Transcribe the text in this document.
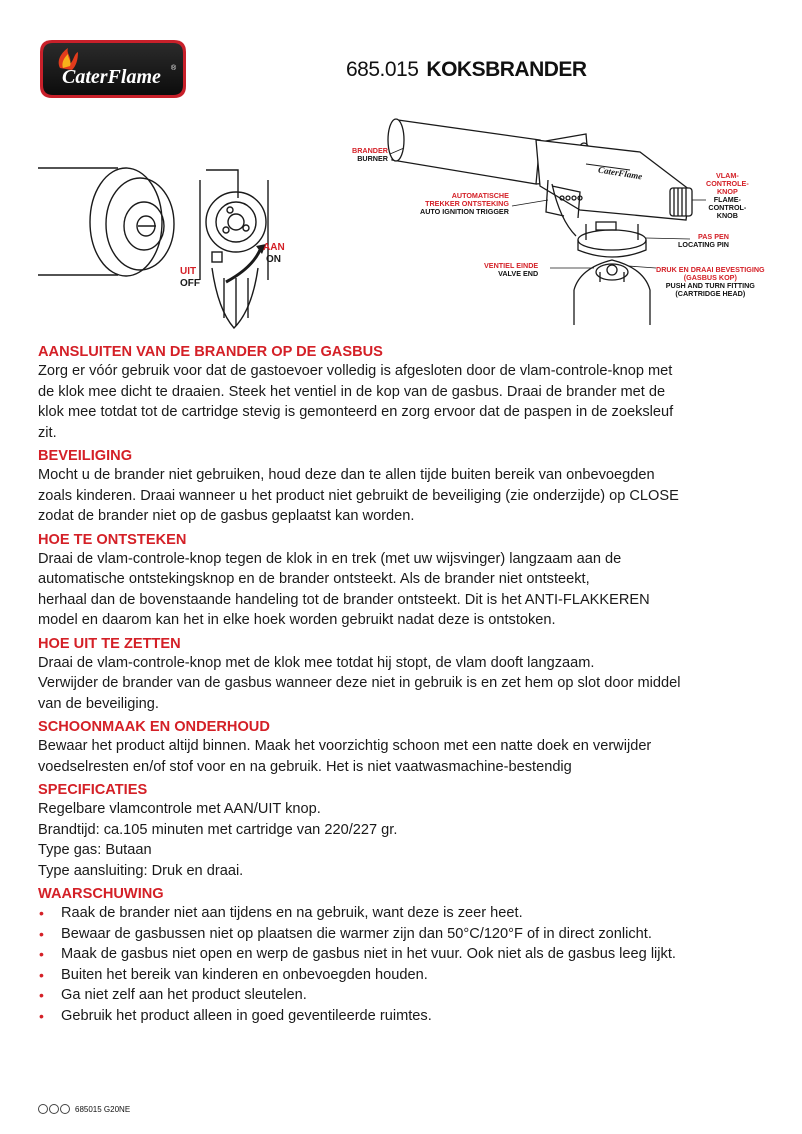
CaterFlame ®	685.015 KOKSBRANDER
AAN
ON
UIT
OFF
CaterFlame
BRANDER
BURNER
AUTOMATISCHE
TREKKER ONTSTEKING
AUTO IGNITION TRIGGER
VLAM-
CONTROLE-
KNOP
FLAME-
CONTROL-
KNOB
PAS PEN
LOCATING PIN
VENTIEL EINDE
VALVE END	DRUK EN DRAAI BEVESTIGING
(GASBUS KOP)
PUSH AND TURN FITTING
(CARTRIDGE HEAD)
AANSLUITEN VAN DE BRANDER OP DE GASBUS

Zorg er vóór gebruik voor dat de gastoevoer volledig is afgesloten door de vlam-controle-knop met
de klok mee dicht te draaien. Steek het ventiel in de kop van de gasbus. Draai de brander met de
klok mee totdat tot de cartridge stevig is gemonteerd en zorg ervoor dat de paspen in de zoeksleuf
zit.

BEVEILIGING

Mocht u de brander niet gebruiken, houd deze dan te allen tijde buiten bereik van onbevoegden
zoals kinderen. Draai wanneer u het product niet gebruikt de beveiliging (zie onderzijde) op CLOSE
zodat de brander niet op de gasbus geplaatst kan worden.

HOE TE ONTSTEKEN

Draai de vlam-controle-knop tegen de klok in en trek (met uw wijsvinger) langzaam aan de
automatische ontstekingsknop en de brander ontsteekt. Als de brander niet ontsteekt,
herhaal dan de bovenstaande handeling tot de brander ontsteekt. Dit is het ANTI-FLAKKEREN
model en daarom kan het in elke hoek worden gebruikt nadat deze is ontstoken.

HOE UIT TE ZETTEN

Draai de vlam-controle-knop met de klok mee totdat hij stopt, de vlam dooft langzaam.
Verwijder de brander van de gasbus wanneer deze niet in gebruik is en zet hem op slot door middel
van de beveiliging.

SCHOONMAAK EN ONDERHOUD

Bewaar het product altijd binnen. Maak het voorzichtig schoon met een natte doek en verwijder
voedselresten en/of stof voor en na gebruik. Het is niet vaatwasmachine-bestendig

SPECIFICATIES

Regelbare vlamcontrole met AAN/UIT knop.
Brandtijd: ca.105 minuten met cartridge van 220/227 gr.
Type gas: Butaan
Type aansluiting: Druk en draai.

WAARSCHUWING
• Raak de brander niet aan tijdens en na gebruik, want deze is zeer heet.
• Bewaar de gasbussen niet op plaatsen die warmer zijn dan 50°C/120°F of in direct zonlicht.
• Maak de gasbus niet open en werp de gasbus niet in het vuur. Ook niet als de gasbus leeg lijkt.
• Buiten het bereik van kinderen en onbevoegden houden.
• Ga niet zelf aan het product sleutelen.
• Gebruik het product alleen in goed geventileerde ruimtes.
685015 G20NE
